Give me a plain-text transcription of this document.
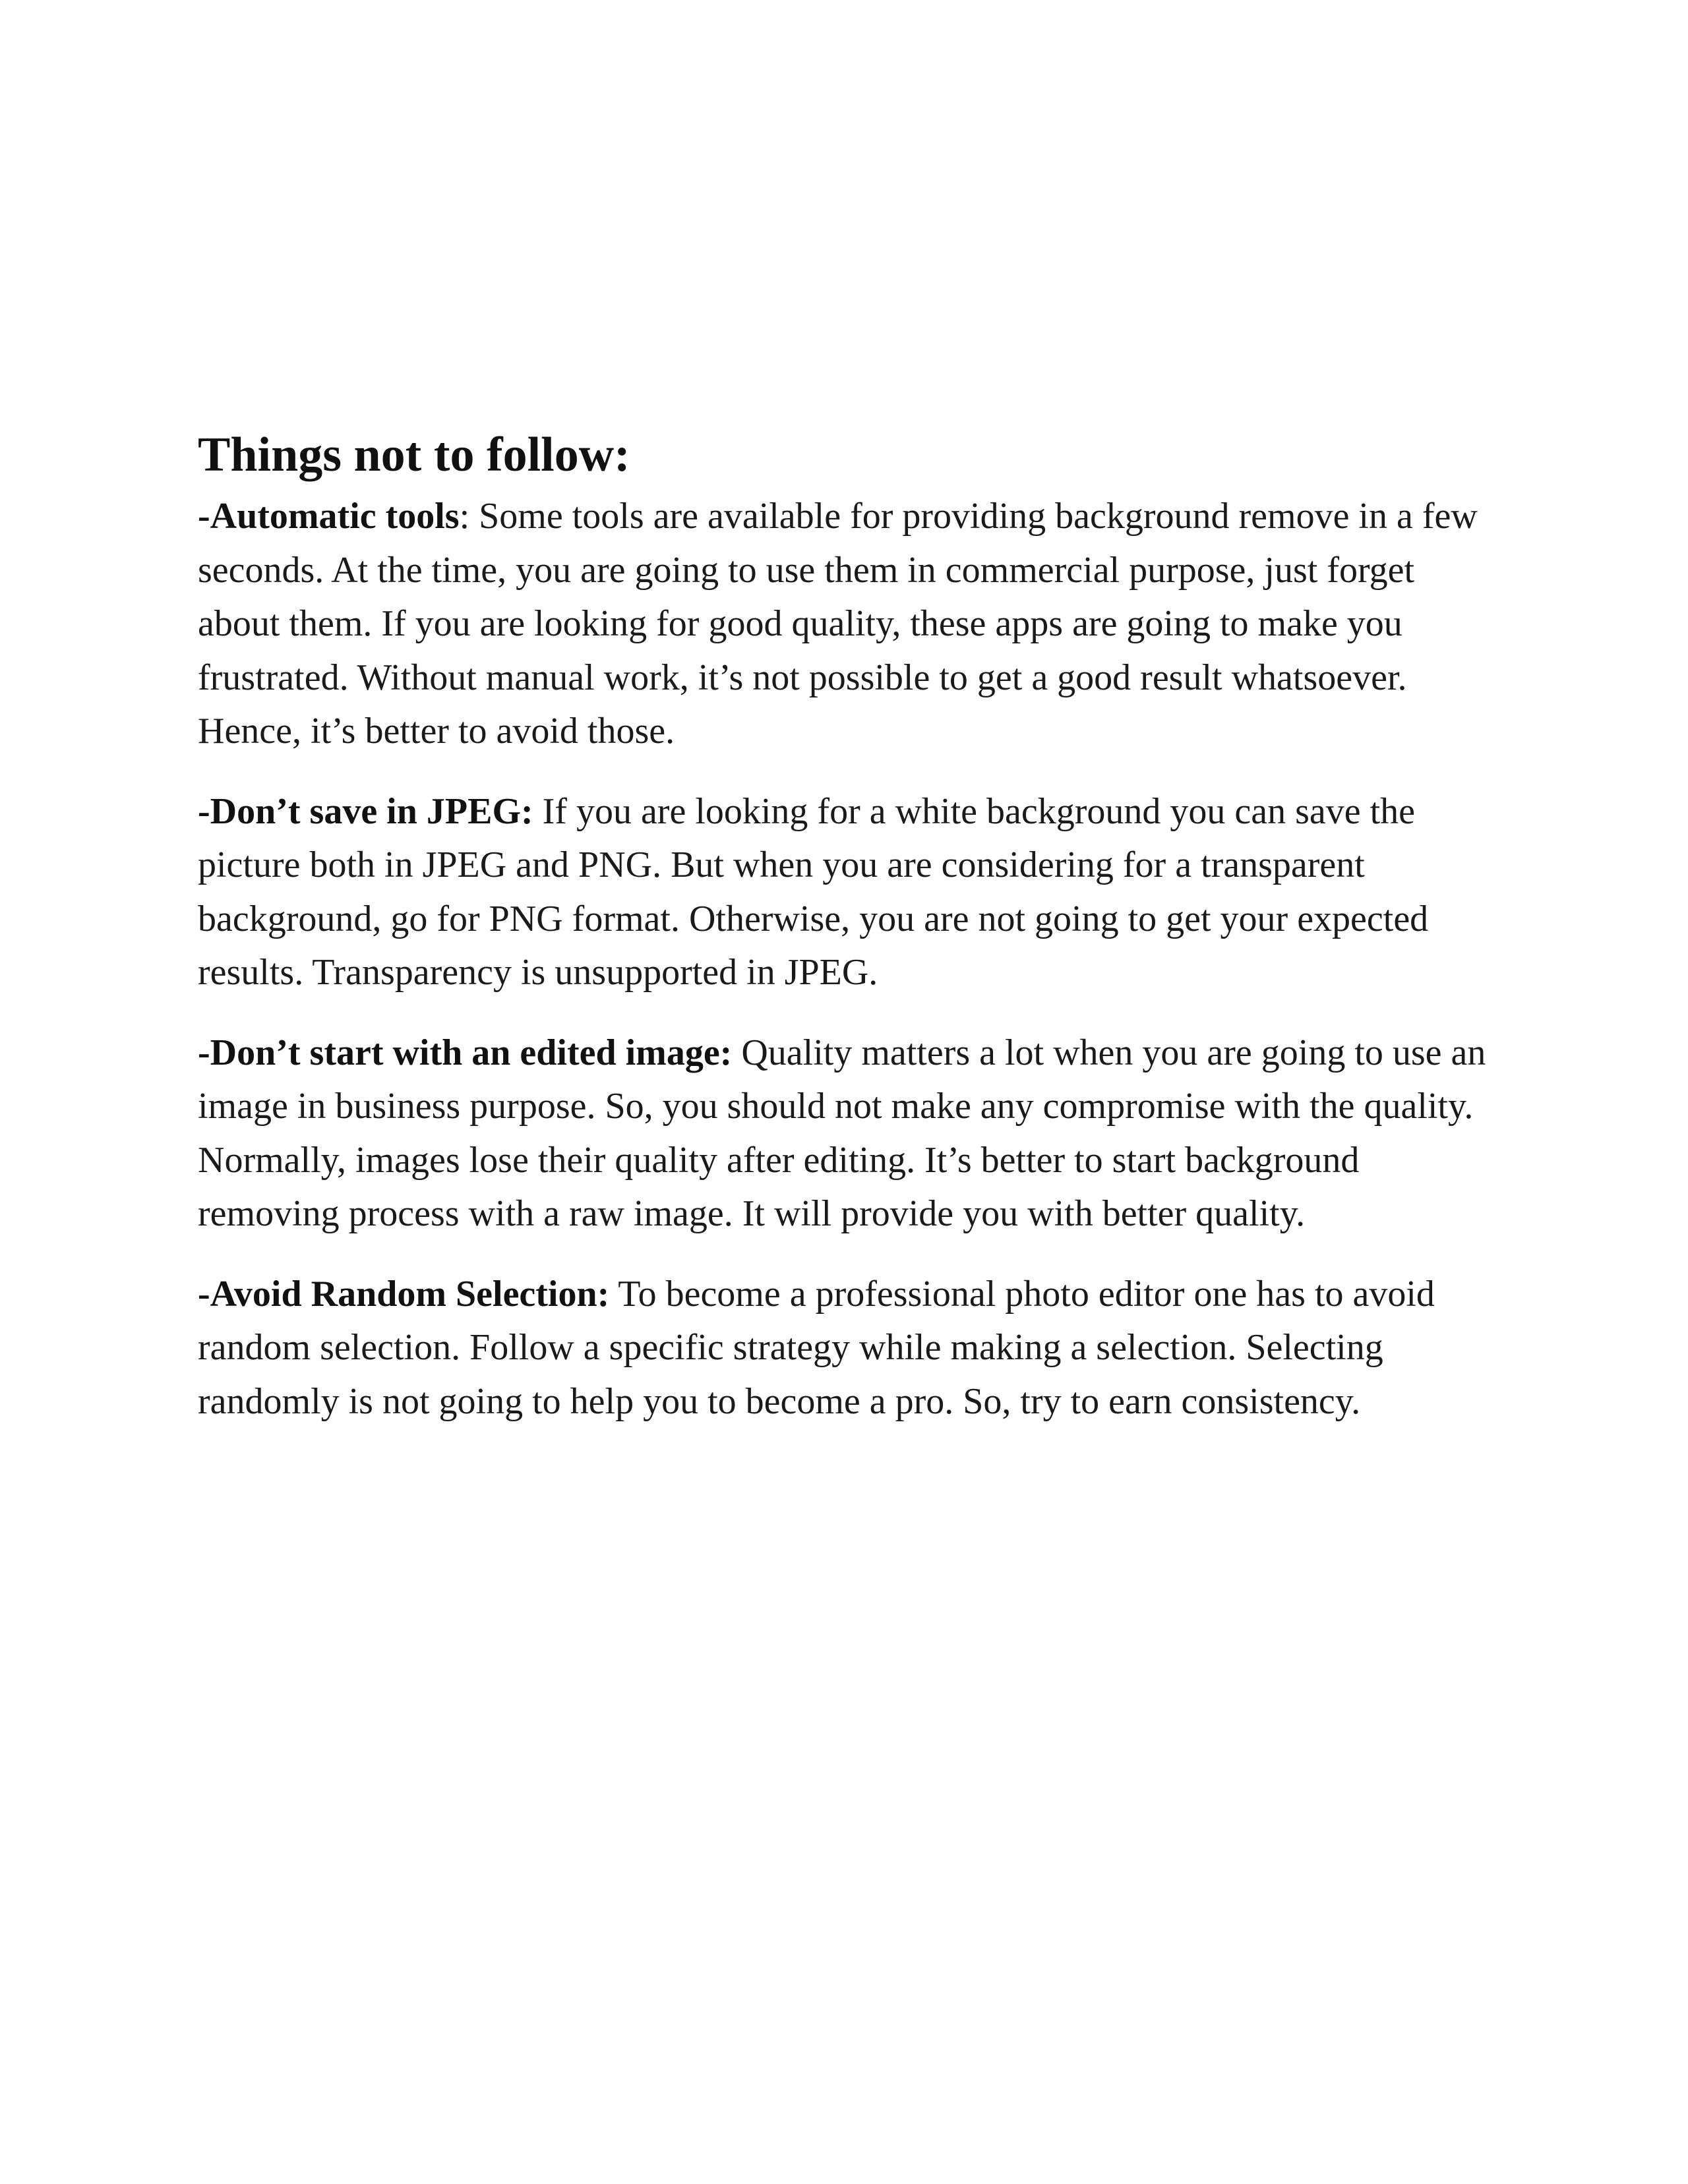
Things not to follow:

-Automatic tools: Some tools are available for providing background remove in a few seconds. At the time, you are going to use them in commercial purpose, just forget about them. If you are looking for good quality, these apps are going to make you frustrated. Without manual work, it’s not possible to get a good result whatsoever. Hence, it’s better to avoid those.

-Don’t save in JPEG: If you are looking for a white background you can save the picture both in JPEG and PNG. But when you are considering for a transparent background, go for PNG format. Otherwise, you are not going to get your expected results. Transparency is unsupported in JPEG.

-Don’t start with an edited image: Quality matters a lot when you are going to use an image in business purpose. So, you should not make any compromise with the quality. Normally, images lose their quality after editing. It’s better to start background removing process with a raw image. It will provide you with better quality.

-Avoid Random Selection: To become a professional photo editor one has to avoid random selection. Follow a specific strategy while making a selection. Selecting randomly is not going to help you to become a pro. So, try to earn consistency.
